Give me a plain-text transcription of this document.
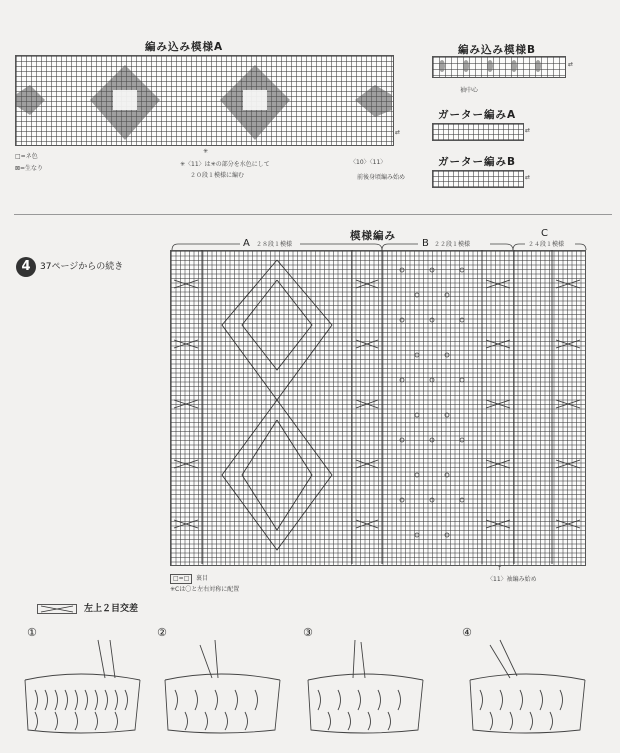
編み込み模様A
⇄
□=ネ色
⊠=生なり
✳
✳〈11〉は✳の部分を水色にして
２０段１模様に編む
〈10〉〈11〉
前後身頃編み始め
編み込み模様B
⇄
袖中心
ガーター編みA
⇄
ガーター編みB
⇄
4	37ページからの続き
模様編み
A ２８段１模様	B ２２段１模様
C
２４段１模様
↑
〈11〉袖編み始め
□=□	裏目
✳Cは〇と左右対称に配置
左上２目交差
①	②	③	④
